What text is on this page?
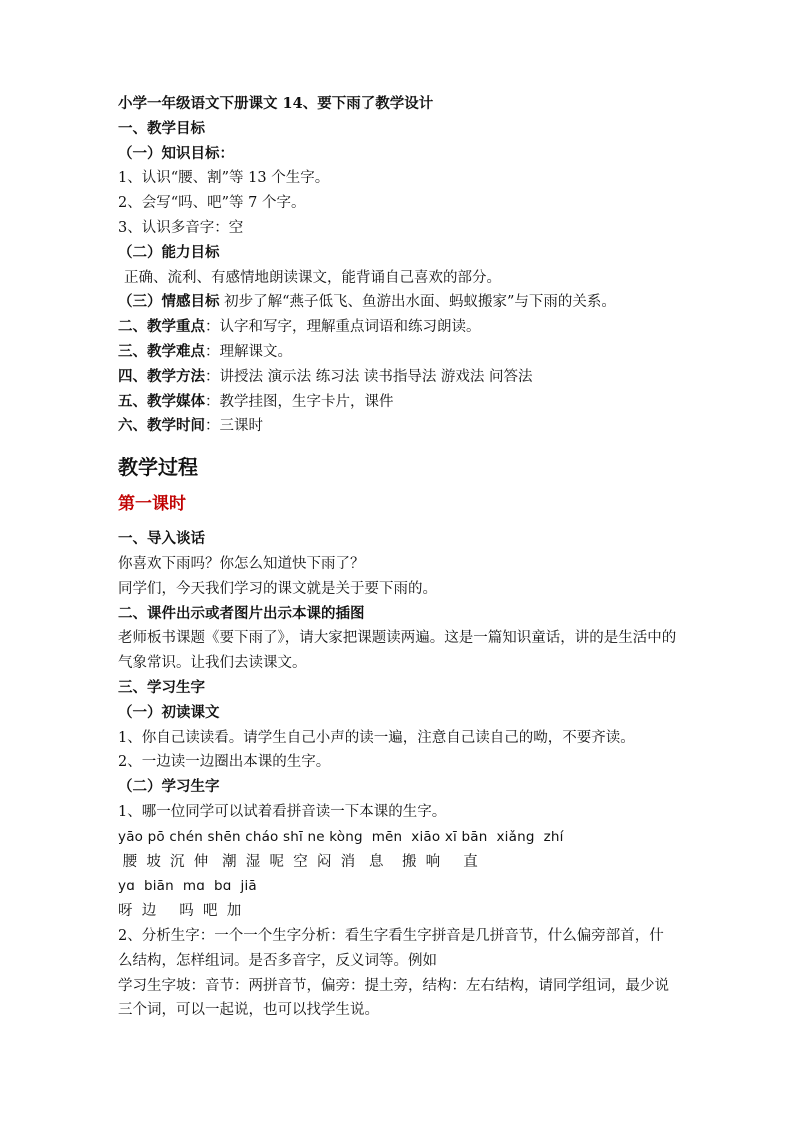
小学一年级语文下册课文 14、要下雨了教学设计
一、教学目标
（一）知识目标：
1、认识“腰、割”等 13 个生字。
2、会写“吗、吧”等 7 个字。
3、认识多音字：空
（二）能力目标
正确、流利、有感情地朗读课文，能背诵自己喜欢的部分。
（三）情感目标 初步了解“燕子低飞、鱼游出水面、蚂蚁搬家”与下雨的关系。
二、教学重点：认字和写字，理解重点词语和练习朗读。
三、教学难点：理解课文。
四、教学方法：讲授法 演示法 练习法 读书指导法 游戏法 问答法
五、教学媒体：教学挂图，生字卡片，课件
六、教学时间：三课时
教学过程
第一课时
一、导入谈话
你喜欢下雨吗？你怎么知道快下雨了？
同学们，今天我们学习的课文就是关于要下雨的。
二、课件出示或者图片出示本课的插图
老师板书课题《要下雨了》，请大家把课题读两遍。这是一篇知识童话，讲的是生活中的气象常识。让我们去读课文。
三、学习生字
（一）初读课文
1、你自己读读看。请学生自己小声的读一遍，注意自己读自己的呦，不要齐读。
2、一边读一边圈出本课的生字。
（二）学习生字
1、哪一位同学可以试着看拼音读一下本课的生字。
yāo pō chén shēn cháo shī ne kòng  mēn  xiāo xī bān  xiǎng  zhí
腰  坡  沉  伸   潮  湿  呢  空  闷  消   息    搬  响     直
yɑ  biān  mɑ  bɑ  jiā
呀  边     吗  吧  加
2、分析生字：一个一个生字分析：看生字看生字拼音是几拼音节，什么偏旁部首，什么结构，怎样组词。是否多音字，反义词等。例如
学习生字坡：音节：两拼音节，偏旁：提土旁，结构：左右结构，请同学组词，最少说三个词，可以一起说，也可以找学生说。
